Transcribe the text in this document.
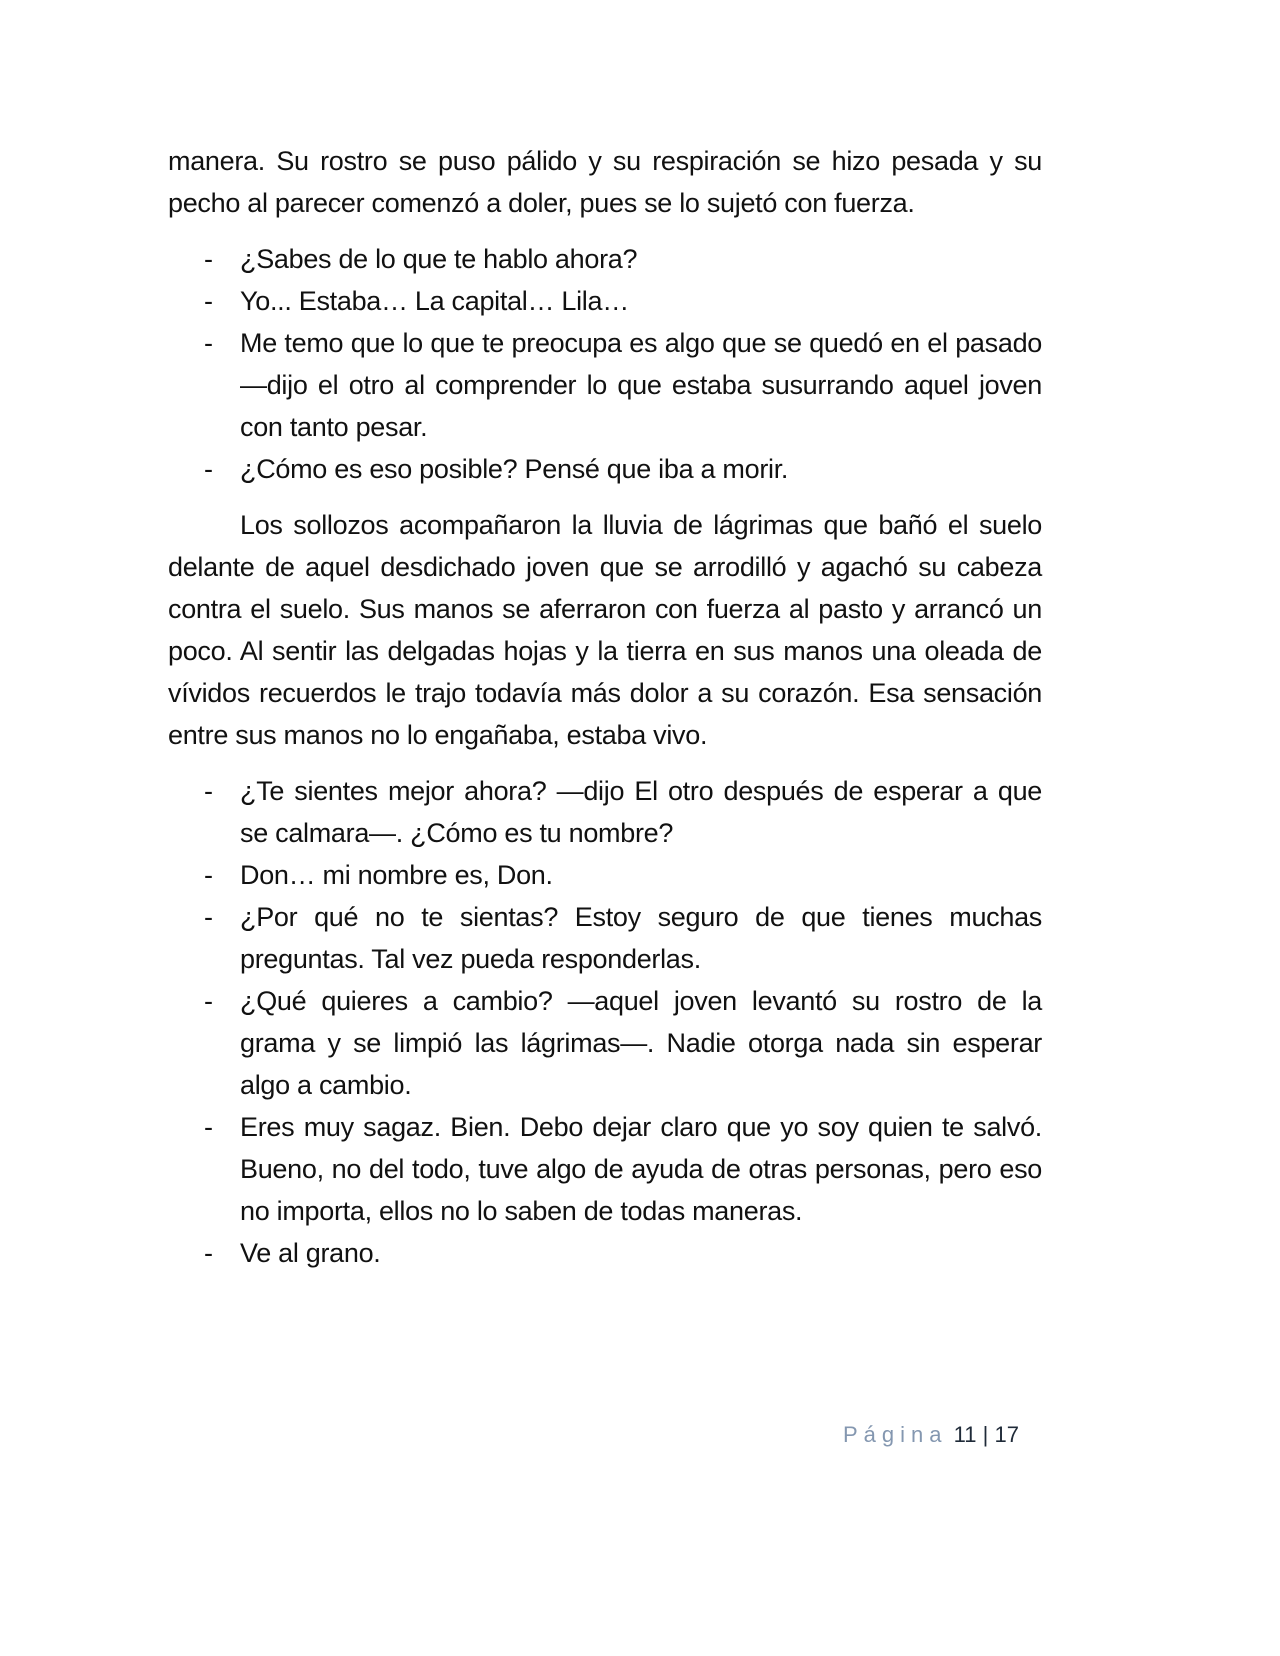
manera. Su rostro se puso pálido y su respiración se hizo pesada y su pecho al parecer comenzó a doler, pues se lo sujetó con fuerza.

- ¿Sabes de lo que te hablo ahora?
- Yo... Estaba… La capital… Lila…
- Me temo que lo que te preocupa es algo que se quedó en el pasado —dijo el otro al comprender lo que estaba susurrando aquel joven con tanto pesar.
- ¿Cómo es eso posible? Pensé que iba a morir.

Los sollozos acompañaron la lluvia de lágrimas que bañó el suelo delante de aquel desdichado joven que se arrodilló y agachó su cabeza contra el suelo. Sus manos se aferraron con fuerza al pasto y arrancó un poco. Al sentir las delgadas hojas y la tierra en sus manos una oleada de vívidos recuerdos le trajo todavía más dolor a su corazón. Esa sensación entre sus manos no lo engañaba, estaba vivo.

- ¿Te sientes mejor ahora? —dijo El otro después de esperar a que se calmara—. ¿Cómo es tu nombre?
- Don… mi nombre es, Don.
- ¿Por qué no te sientas? Estoy seguro de que tienes muchas preguntas. Tal vez pueda responderlas.
- ¿Qué quieres a cambio? —aquel joven levantó su rostro de la grama y se limpió las lágrimas—. Nadie otorga nada sin esperar algo a cambio.
- Eres muy sagaz. Bien. Debo dejar claro que yo soy quien te salvó. Bueno, no del todo, tuve algo de ayuda de otras personas, pero eso no importa, ellos no lo saben de todas maneras.
- Ve al grano.
Página 11 | 17
